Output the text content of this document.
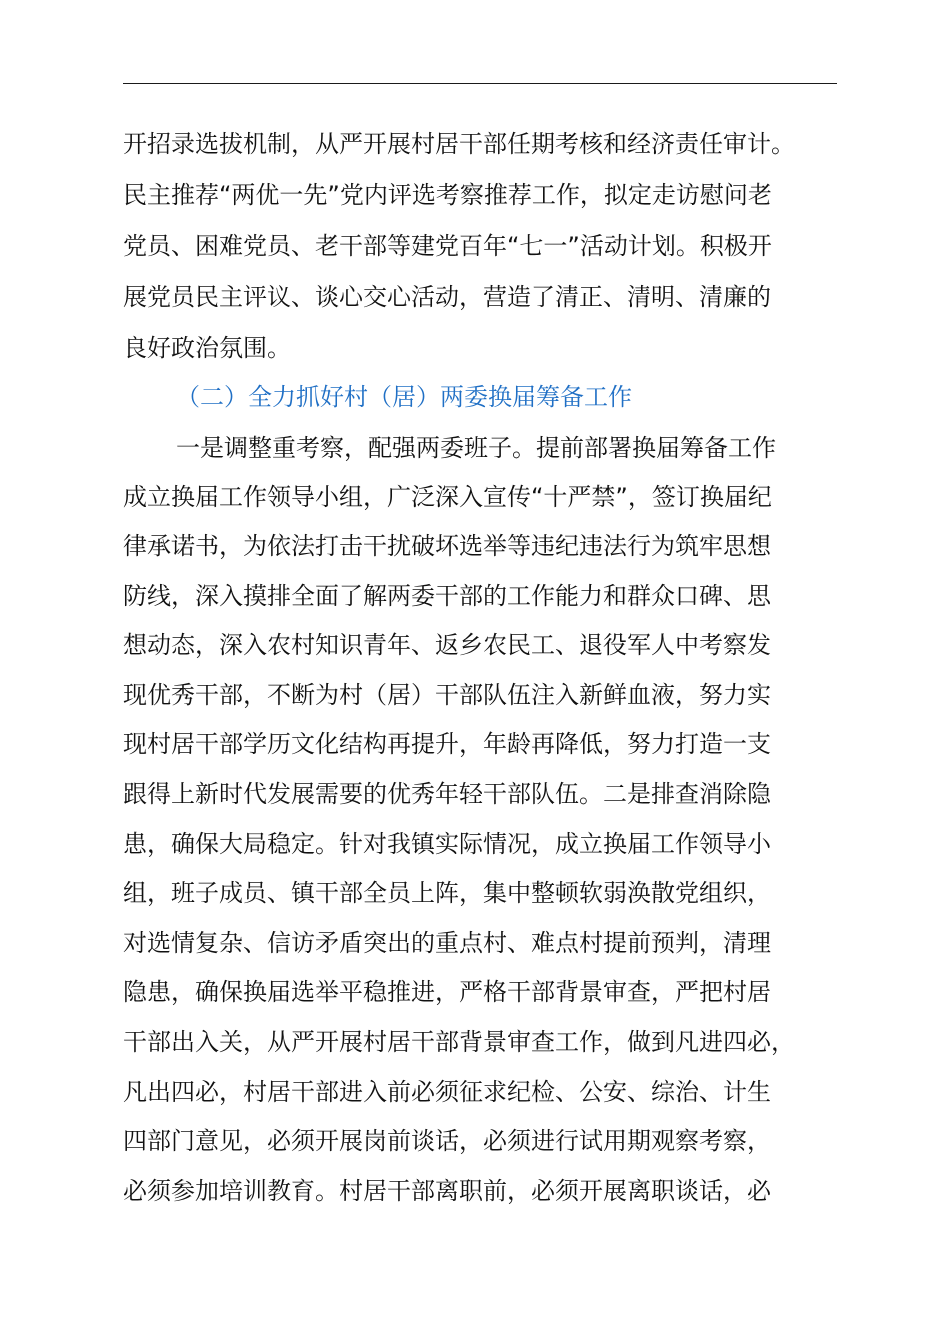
开招录选拔机制，从严开展村居干部任期考核和经济责任审计。
民主推荐“两优一先”党内评选考察推荐工作，拟定走访慰问老
党员、困难党员、老干部等建党百年“七一”活动计划。积极开
展党员民主评议、谈心交心活动，营造了清正、清明、清廉的
良好政治氛围。
（二）全力抓好村（居）两委换届筹备工作
一是调整重考察，配强两委班子。提前部署换届筹备工作
成立换届工作领导小组，广泛深入宣传“十严禁”，签订换届纪
律承诺书，为依法打击干扰破坏选举等违纪违法行为筑牢思想
防线，深入摸排全面了解两委干部的工作能力和群众口碑、思
想动态，深入农村知识青年、返乡农民工、退役军人中考察发
现优秀干部，不断为村（居）干部队伍注入新鲜血液，努力实
现村居干部学历文化结构再提升，年龄再降低，努力打造一支
跟得上新时代发展需要的优秀年轻干部队伍。二是排查消除隐
患，确保大局稳定。针对我镇实际情况，成立换届工作领导小
组，班子成员、镇干部全员上阵，集中整顿软弱涣散党组织，
对选情复杂、信访矛盾突出的重点村、难点村提前预判，清理
隐患，确保换届选举平稳推进，严格干部背景审查，严把村居
干部出入关，从严开展村居干部背景审查工作，做到凡进四必，
凡出四必，村居干部进入前必须征求纪检、公安、综治、计生
四部门意见，必须开展岗前谈话，必须进行试用期观察考察，
必须参加培训教育。村居干部离职前，必须开展离职谈话，必
